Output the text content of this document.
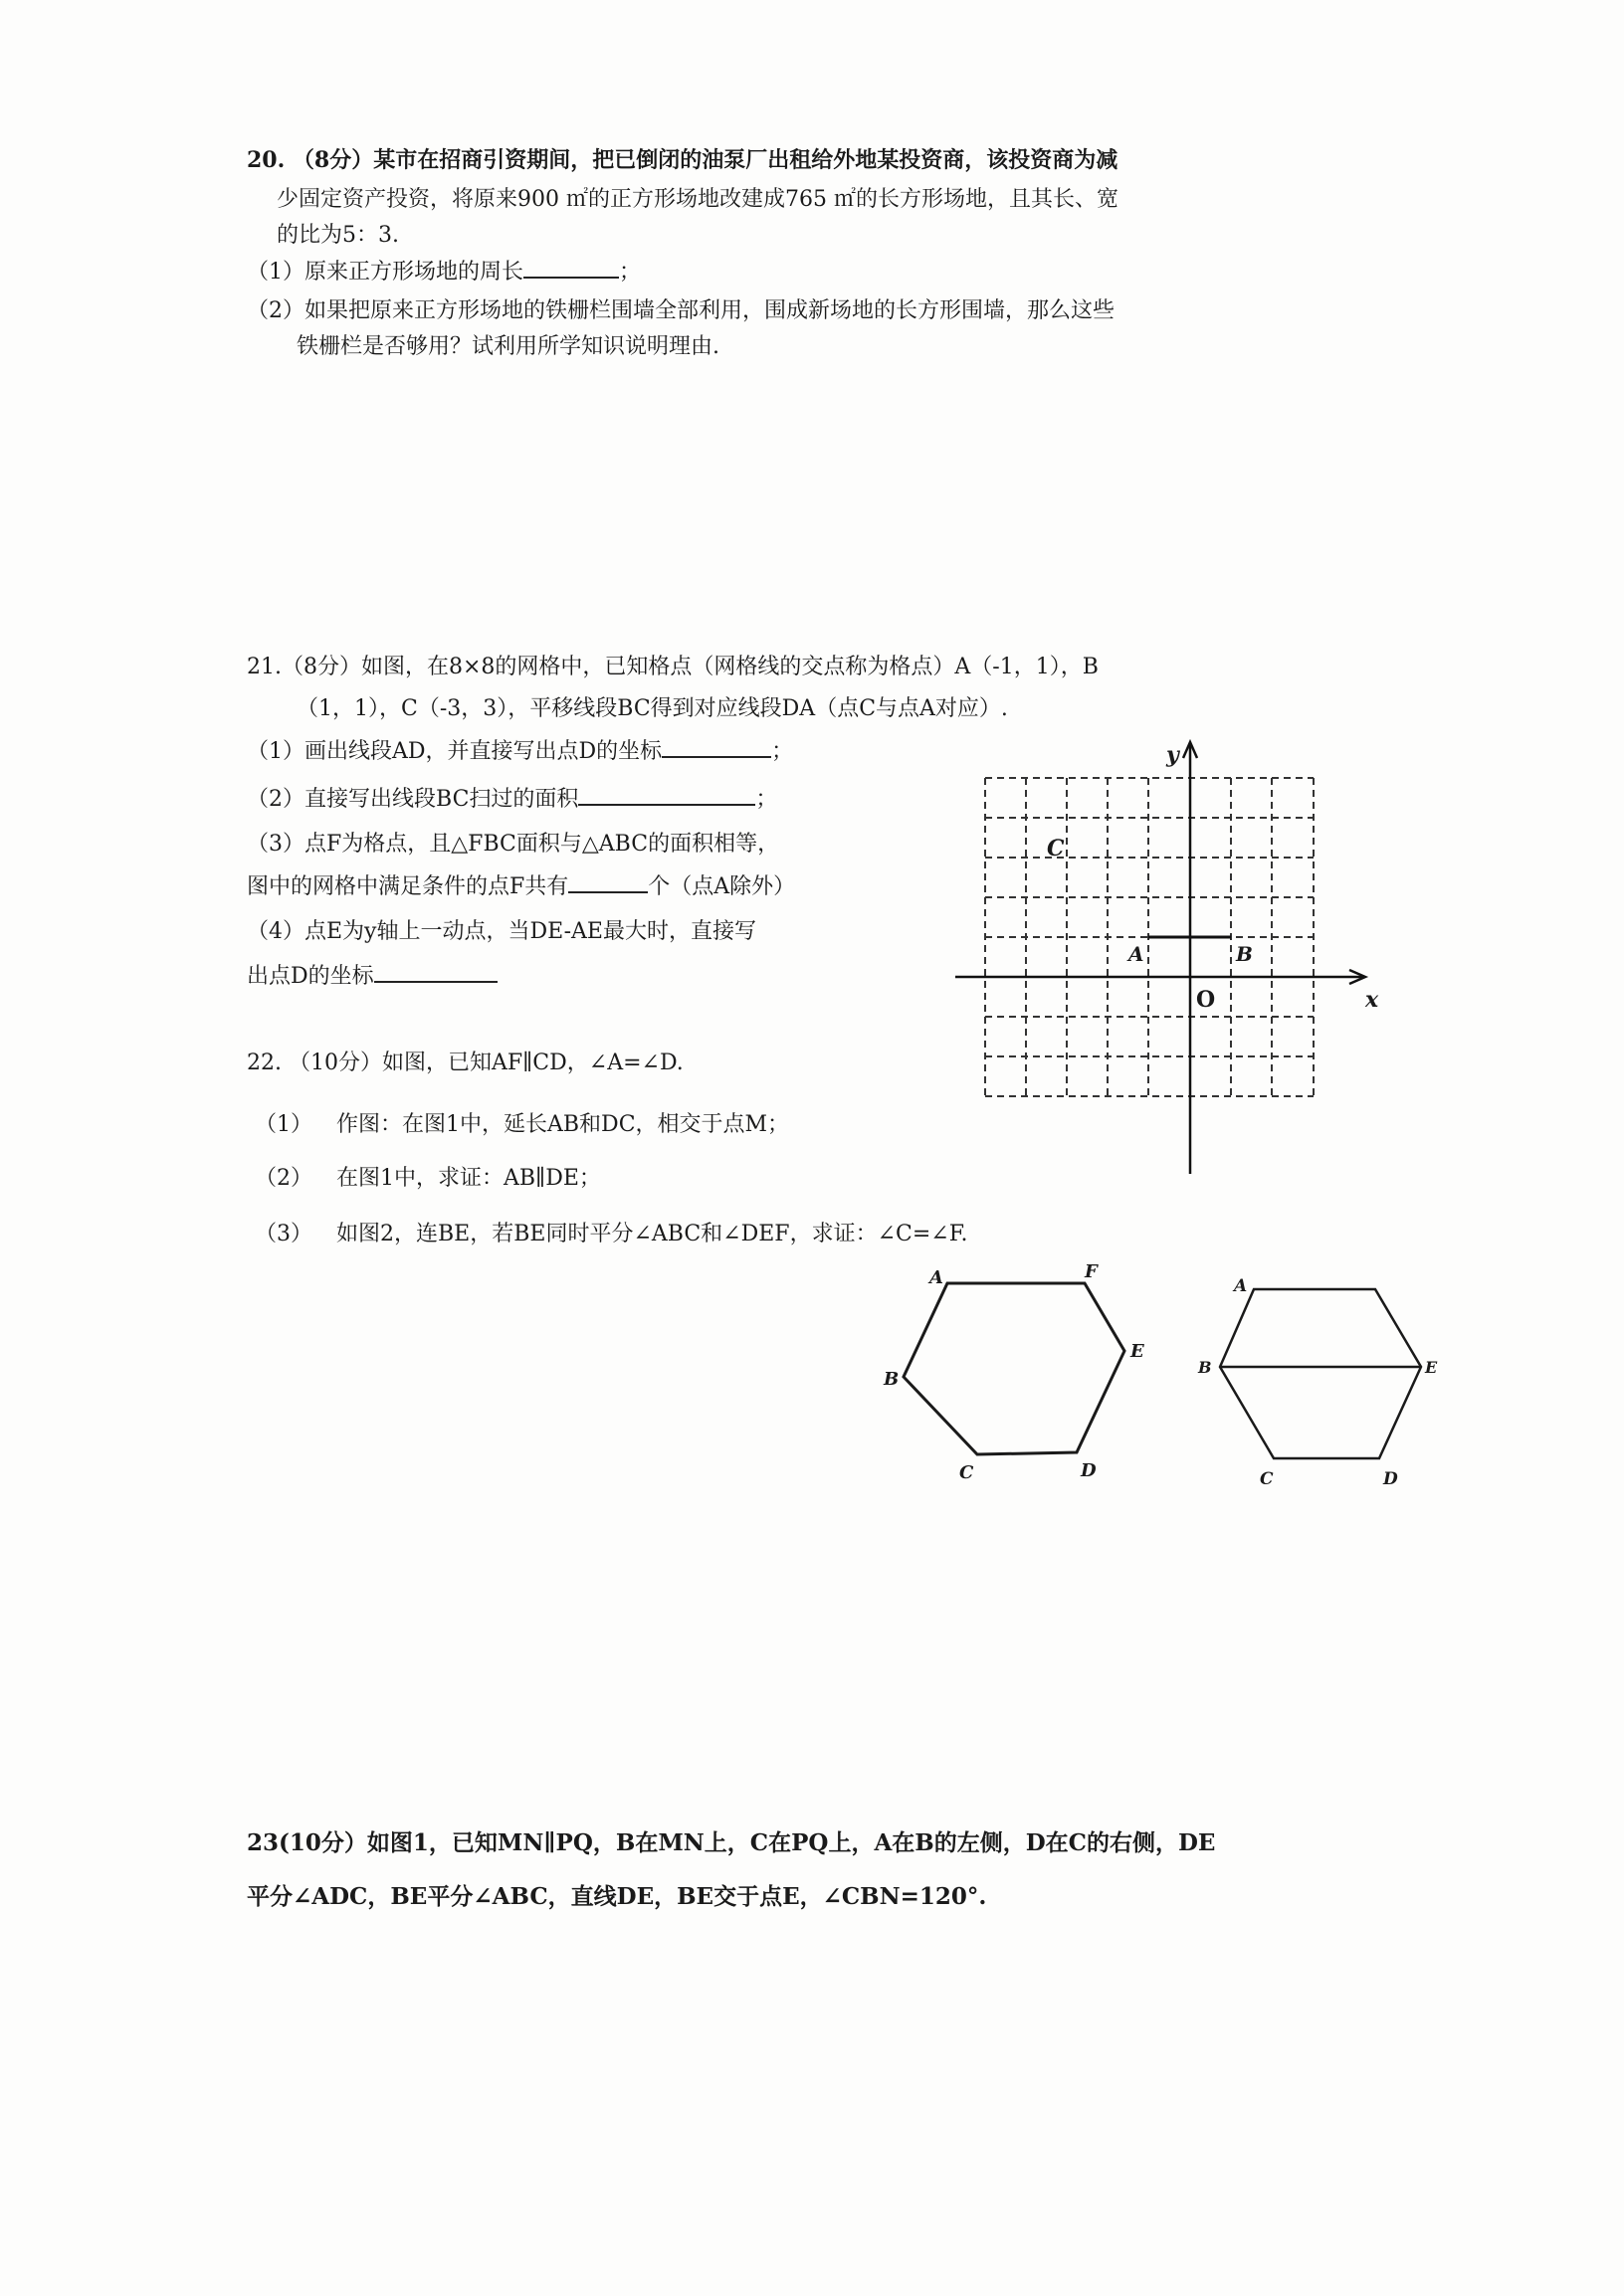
20. （8分）某市在招商引资期间，把已倒闭的油泵厂出租给外地某投资商，该投资商为减
少固定资产投资，将原来900 ㎡的正方形场地改建成765 ㎡的长方形场地，且其长、宽
的比为5：3.
（1）原来正方形场地的周长	；
（2）如果把原来正方形场地的铁栅栏围墙全部利用，围成新场地的长方形围墙，那么这些
铁栅栏是否够用？试利用所学知识说明理由.
21.（8分）如图，在8×8的网格中，已知格点（网格线的交点称为格点）A（-1，1），B
（1，1），C（-3，3），平移线段BC得到对应线段DA（点C与点A对应）.
（1）画出线段AD，并直接写出点D的坐标	；
（2）直接写出线段BC扫过的面积	；
（3）点F为格点，且△FBC面积与△ABC的面积相等，
图中的网格中满足条件的点F共有	个（点A除外）
（4）点E为y轴上一动点，当DE-AE最大时，直接写
出点D的坐标
y
x
O
A	B
C
22. （10分）如图，已知AF∥CD，∠A=∠D.
（1） 作图：在图1中，延长AB和DC，相交于点M；
（2） 在图1中，求证：AB∥DE；
（3） 如图2，连BE，若BE同时平分∠ABC和∠DEF，求证：∠C=∠F.
A	F
E
D
C
B
A
E
D
C
B
23(10分）如图1，已知MN∥PQ，B在MN上，C在PQ上，A在B的左侧，D在C的右侧，DE
平分∠ADC，BE平分∠ABC，直线DE，BE交于点E，∠CBN=120°.
